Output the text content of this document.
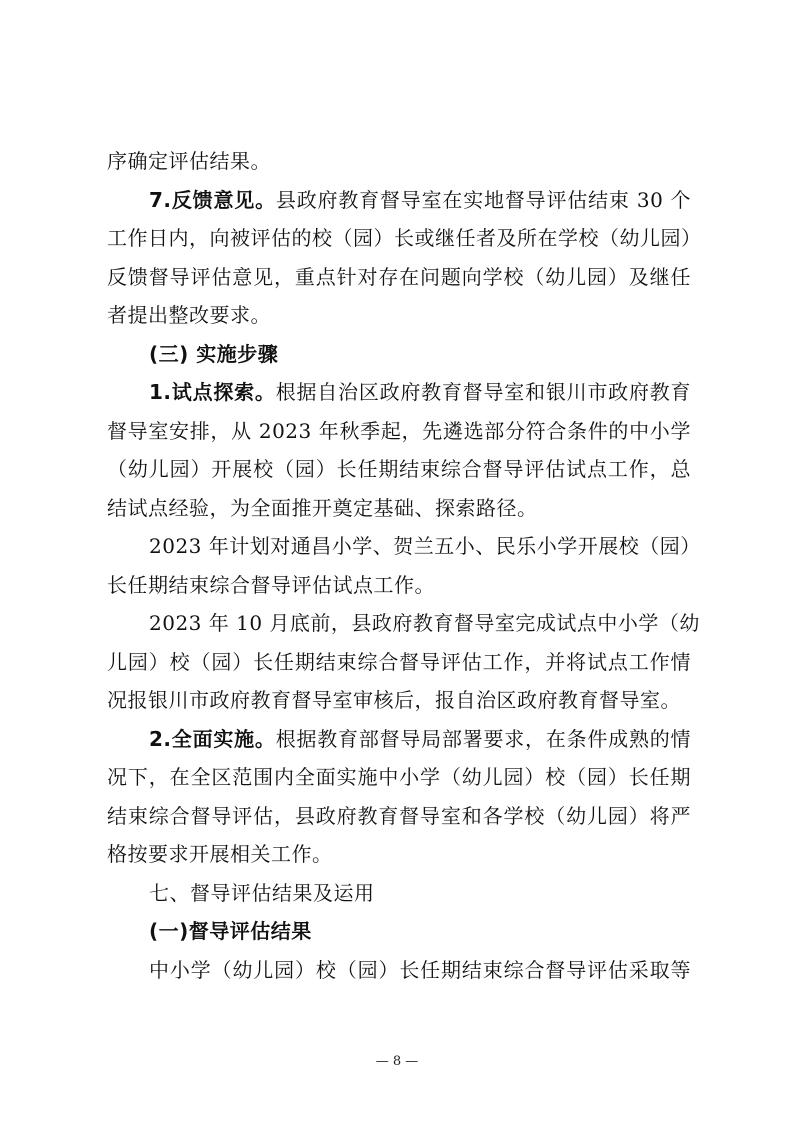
序确定评估结果。
7.反馈意见。县政府教育督导室在实地督导评估结束 30 个
工作日内，向被评估的校（园）长或继任者及所在学校（幼儿园）
反馈督导评估意见，重点针对存在问题向学校（幼儿园）及继任
者提出整改要求。
(三) 实施步骤
1.试点探索。根据自治区政府教育督导室和银川市政府教育
督导室安排，从 2023 年秋季起，先遴选部分符合条件的中小学
（幼儿园）开展校（园）长任期结束综合督导评估试点工作，总
结试点经验，为全面推开奠定基础、探索路径。
2023 年计划对通昌小学、贺兰五小、民乐小学开展校（园）
长任期结束综合督导评估试点工作。
2023 年 10 月底前，县政府教育督导室完成试点中小学（幼
儿园）校（园）长任期结束综合督导评估工作，并将试点工作情
况报银川市政府教育督导室审核后，报自治区政府教育督导室。
2.全面实施。根据教育部督导局部署要求，在条件成熟的情
况下，在全区范围内全面实施中小学（幼儿园）校（园）长任期
结束综合督导评估，县政府教育督导室和各学校（幼儿园）将严
格按要求开展相关工作。
七、督导评估结果及运用
(一)督导评估结果
中小学（幼儿园）校（园）长任期结束综合督导评估采取等
— 8 —
